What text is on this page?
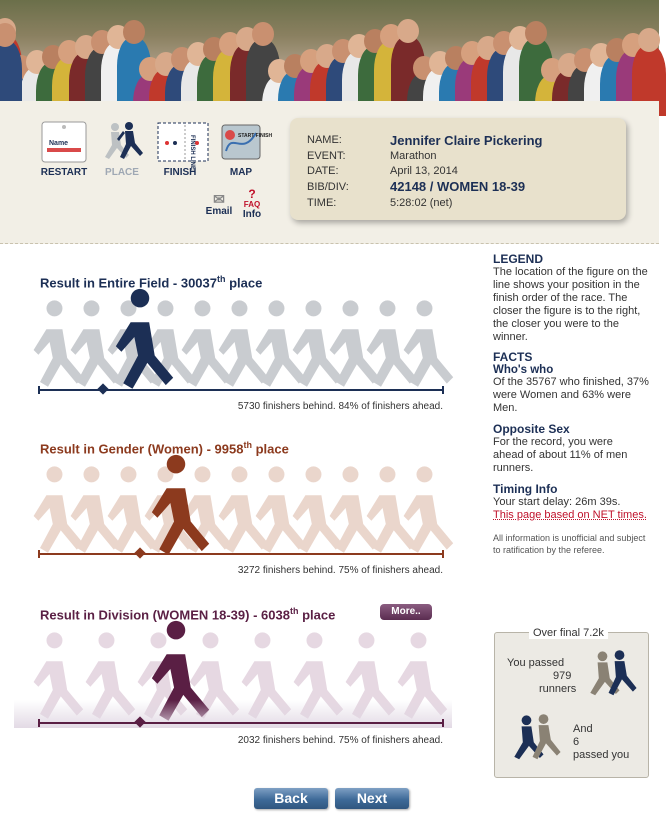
Name
RESTART	PLACE
FINISH LINE
FINISH
START FINISH
MAP
✉
Email
?
FAQ
Info
NAME:	Jennifer Claire Pickering
EVENT:	Marathon
DATE:	April 13, 2014
BIB/DIV:	42148 / WOMEN 18-39
TIME:	5:28:02 (net)
Result in Entire Field - 30037th place
5730 finishers behind. 84% of finishers ahead.
Result in Gender (Women) - 9958th place
3272 finishers behind. 75% of finishers ahead.
Result in Division (WOMEN 18-39) - 6038th place	More..
2032 finishers behind. 75% of finishers ahead.
LEGEND
The location of the figure on the line shows your position in the finish order of the race. The closer the figure is to the right, the closer you were to the winner.
FACTS
Who's who
Of the 35767 who finished, 37% were Women and 63% were Men.
Opposite Sex
For the record, you were ahead of about 11% of men runners.
Timing Info
Your start delay: 26m 39s.
This page based on NET times.
All information is unofficial and subject to ratification by the referee.
Over final 7.2k
You passed
979
runners
And
6
passed you
Back	Next
